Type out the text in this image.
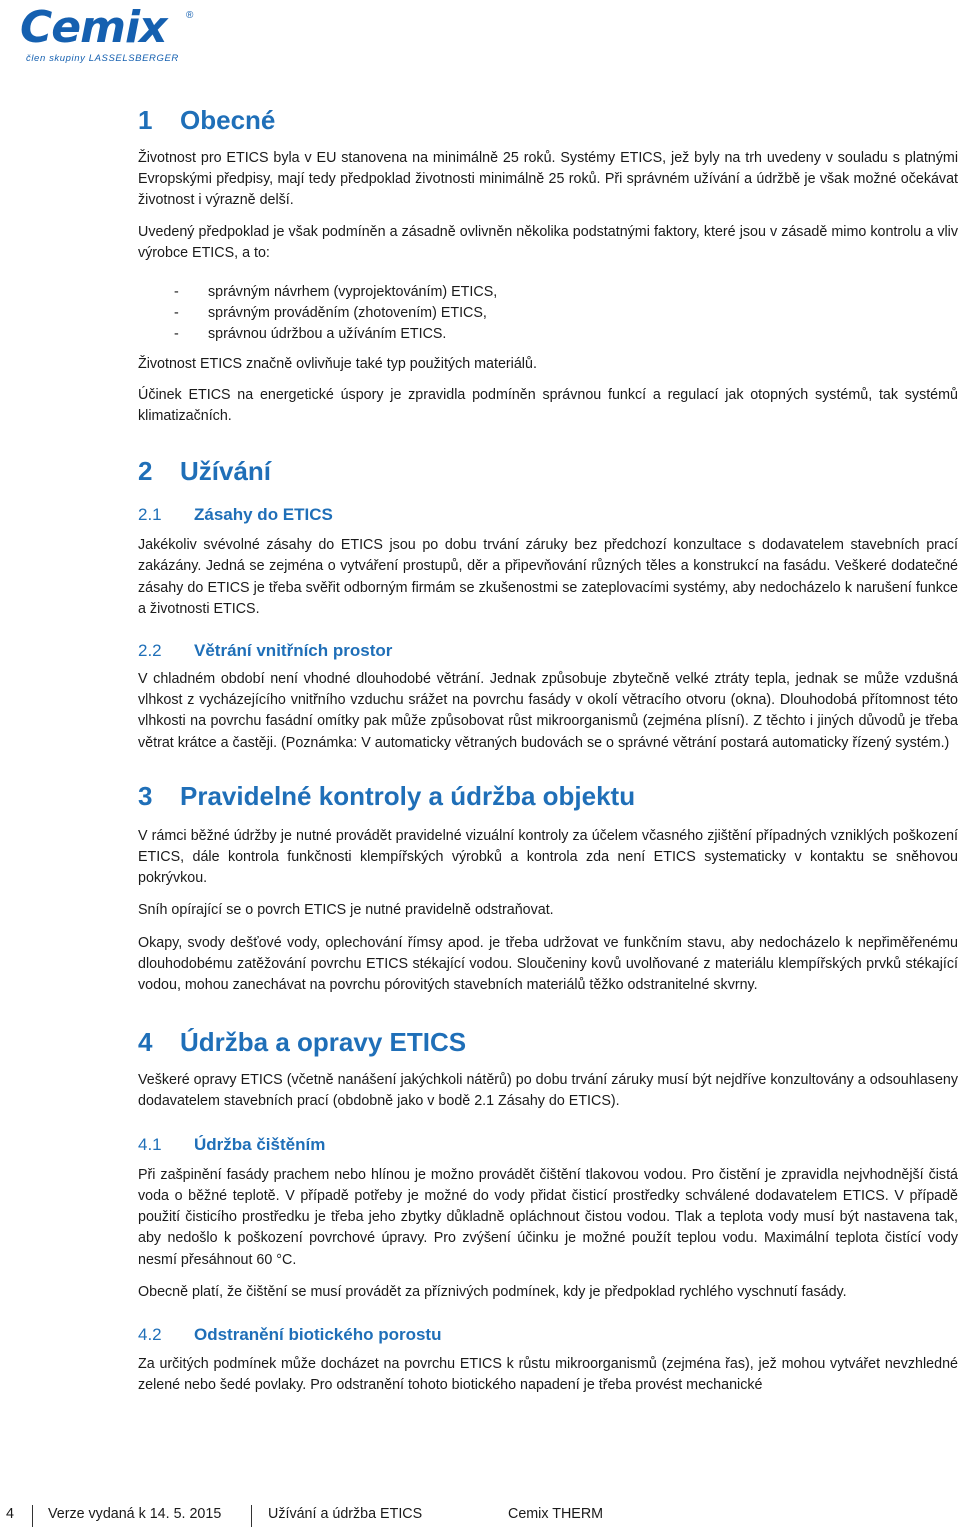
Cemix ®
člen skupiny LASSELSBERGER
1 Obecné

Životnost pro ETICS byla v EU stanovena na minimálně 25 roků. Systémy ETICS, jež byly na trh uvedeny v souladu s platnými Evropskými předpisy, mají tedy předpoklad životnosti minimálně 25 roků. Při správném užívání a údržbě je však možné očekávat životnost i výrazně delší.

Uvedený předpoklad je však podmíněn a zásadně ovlivněn několika podstatnými faktory, které jsou v zásadě mimo kontrolu a vliv výrobce ETICS, a to:

- správným návrhem (vyprojektováním) ETICS,
- správným prováděním (zhotovením) ETICS,
- správnou údržbou a užíváním ETICS.

Životnost ETICS značně ovlivňuje také typ použitých materiálů.

Účinek ETICS na energetické úspory je zpravidla podmíněn správnou funkcí a regulací jak otopných systémů, tak systémů klimatizačních.

2 Užívání
2.1 Zásahy do ETICS

Jakékoliv svévolné zásahy do ETICS jsou po dobu trvání záruky bez předchozí konzultace s dodavatelem stavebních prací zakázány. Jedná se zejména o vytváření prostupů, děr a připevňování různých těles a konstrukcí na fasádu. Veškeré dodatečné zásahy do ETICS je třeba svěřit odborným firmám se zkušenostmi se zateplovacími systémy, aby nedocházelo k narušení funkce a životnosti ETICS.

2.2 Větrání vnitřních prostor

V chladném období není vhodné dlouhodobé větrání. Jednak způsobuje zbytečně velké ztráty tepla, jednak se může vzdušná vlhkost z vycházejícího vnitřního vzduchu srážet na povrchu fasády v okolí větracího otvoru (okna). Dlouhodobá přítomnost této vlhkosti na povrchu fasádní omítky pak může způsobovat růst mikroorganismů (zejména plísní). Z těchto i jiných důvodů je třeba větrat krátce a častěji. (Poznámka: V automaticky větraných budovách se o správné větrání postará automaticky řízený systém.)

3 Pravidelné kontroly a údržba objektu

V rámci běžné údržby je nutné provádět pravidelné vizuální kontroly za účelem včasného zjištění případných vzniklých poškození ETICS, dále kontrola funkčnosti klempířských výrobků a kontrola zda není ETICS systematicky v kontaktu se sněhovou pokrývkou.

Sníh opírající se o povrch ETICS je nutné pravidelně odstraňovat.

Okapy, svody dešťové vody, oplechování římsy apod. je třeba udržovat ve funkčním stavu, aby nedocházelo k nepřiměřenému dlouhodobému zatěžování povrchu ETICS stékající vodou. Sloučeniny kovů uvolňované z materiálu klempířských prvků stékající vodou, mohou zanechávat na povrchu pórovitých stavebních materiálů těžko odstranitelné skvrny.

4 Údržba a opravy ETICS

Veškeré opravy ETICS (včetně nanášení jakýchkoli nátěrů) po dobu trvání záruky musí být nejdříve konzultovány a odsouhlaseny dodavatelem stavebních prací (obdobně jako v bodě 2.1 Zásahy do ETICS).

4.1 Údržba čištěním

Při zašpinění fasády prachem nebo hlínou je možno provádět čištění tlakovou vodou. Pro čistění je zpravidla nejvhodnější čistá voda o běžné teplotě. V případě potřeby je možné do vody přidat čisticí prostředky schválené dodavatelem ETICS. V případě použití čisticího prostředku je třeba jeho zbytky důkladně opláchnout čistou vodou. Tlak a teplota vody musí být nastavena tak, aby nedošlo k poškození povrchové úpravy. Pro zvýšení účinku je možné použít teplou vodu. Maximální teplota čistící vody nesmí přesáhnout 60 °C.

Obecně platí, že čištění se musí provádět za příznivých podmínek, kdy je předpoklad rychlého vyschnutí fasády.

4.2 Odstranění biotického porostu

Za určitých podmínek může docházet na povrchu ETICS k růstu mikroorganismů (zejména řas), jež mohou vytvářet nevzhledné zelené nebo šedé povlaky. Pro odstranění tohoto biotického napadení je třeba provést mechanické

4 Verze vydaná k 14. 5. 2015	Užívání a údržba ETICS	Cemix THERM
